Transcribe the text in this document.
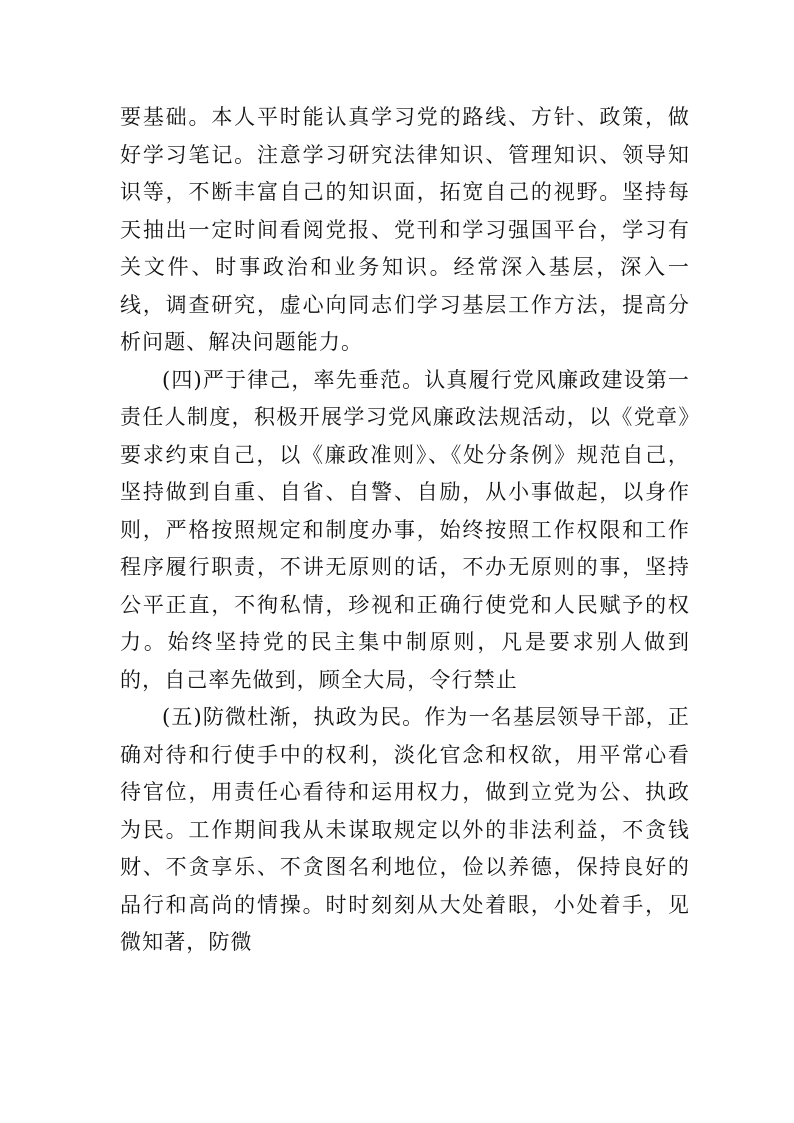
要基础。本人平时能认真学习党的路线、方针、政策，做好学习笔记。注意学习研究法律知识、管理知识、领导知识等，不断丰富自己的知识面，拓宽自己的视野。坚持每天抽出一定时间看阅党报、党刊和学习强国平台，学习有关文件、时事政治和业务知识。经常深入基层，深入一线，调查研究，虚心向同志们学习基层工作方法，提高分析问题、解决问题能力。

(四)严于律己，率先垂范。认真履行党风廉政建设第一责任人制度，积极开展学习党风廉政法规活动，以《党章》要求约束自己，以《廉政准则》、《处分条例》规范自己，坚持做到自重、自省、自警、自励，从小事做起，以身作则，严格按照规定和制度办事，始终按照工作权限和工作程序履行职责，不讲无原则的话，不办无原则的事，坚持公平正直，不徇私情，珍视和正确行使党和人民赋予的权力。始终坚持党的民主集中制原则，凡是要求别人做到的，自己率先做到，顾全大局，令行禁止

(五)防微杜渐，执政为民。作为一名基层领导干部，正确对待和行使手中的权利，淡化官念和权欲，用平常心看待官位，用责任心看待和运用权力，做到立党为公、执政为民。工作期间我从未谋取规定以外的非法利益，不贪钱财、不贪享乐、不贪图名利地位，俭以养德，保持良好的品行和高尚的情操。时时刻刻从大处着眼，小处着手，见微知著，防微
